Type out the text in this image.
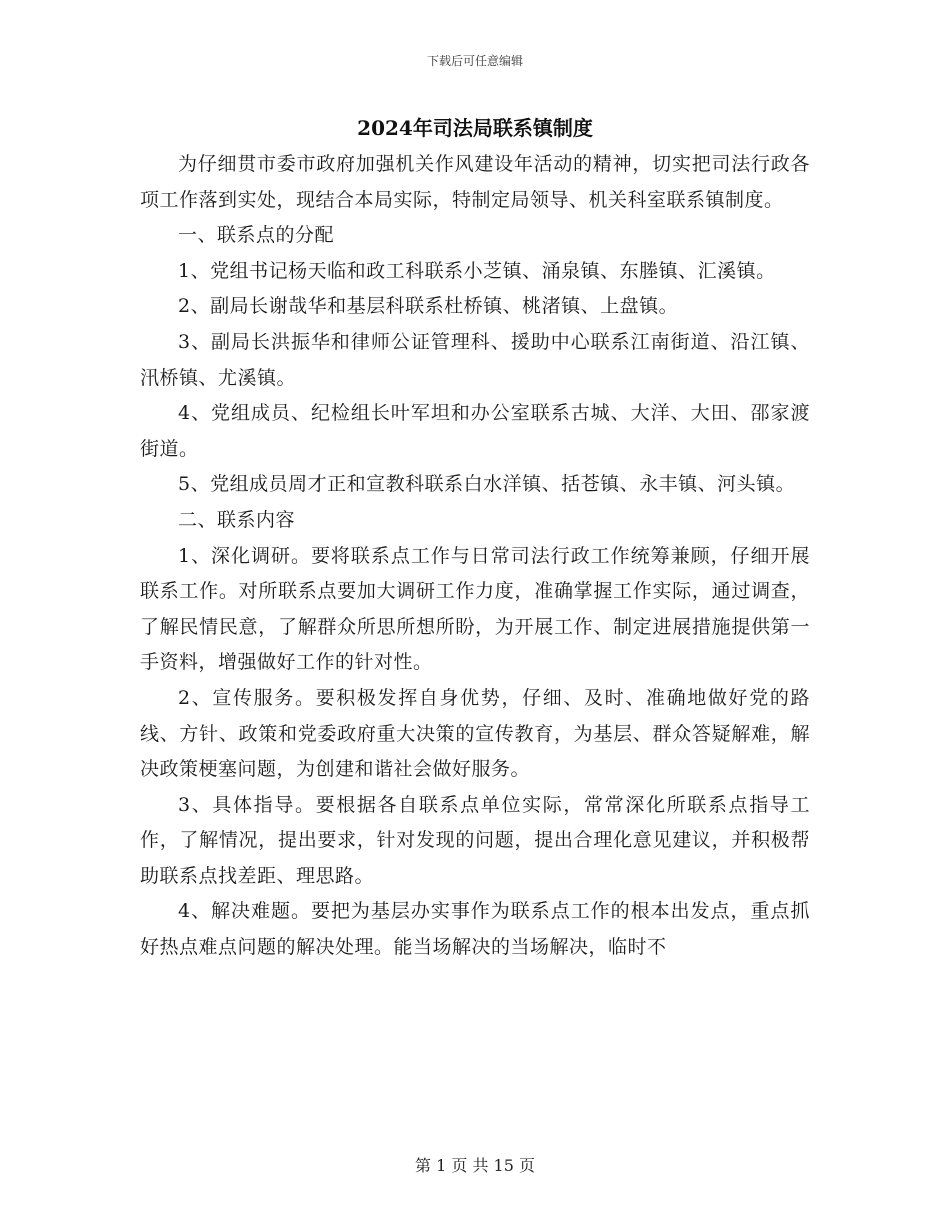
下载后可任意编辑
2024年司法局联系镇制度

为仔细贯市委市政府加强机关作风建设年活动的精神，切实把司法行政各项工作落到实处，现结合本局实际，特制定局领导、机关科室联系镇制度。

一、联系点的分配

1、党组书记杨天临和政工科联系小芝镇、涌泉镇、东塍镇、汇溪镇。

2、副局长谢哉华和基层科联系杜桥镇、桃渚镇、上盘镇。

3、副局长洪振华和律师公证管理科、援助中心联系江南街道、沿江镇、汛桥镇、尤溪镇。

4、党组成员、纪检组长叶军坦和办公室联系古城、大洋、大田、邵家渡街道。

5、党组成员周才正和宣教科联系白水洋镇、括苍镇、永丰镇、河头镇。

二、联系内容

1、深化调研。要将联系点工作与日常司法行政工作统筹兼顾，仔细开展联系工作。对所联系点要加大调研工作力度，准确掌握工作实际，通过调查，了解民情民意，了解群众所思所想所盼，为开展工作、制定进展措施提供第一手资料，增强做好工作的针对性。

2、宣传服务。要积极发挥自身优势，仔细、及时、准确地做好党的路线、方针、政策和党委政府重大决策的宣传教育，为基层、群众答疑解难，解决政策梗塞问题，为创建和谐社会做好服务。

3、具体指导。要根据各自联系点单位实际，常常深化所联系点指导工作，了解情况，提出要求，针对发现的问题，提出合理化意见建议，并积极帮助联系点找差距、理思路。

4、解决难题。要把为基层办实事作为联系点工作的根本出发点，重点抓好热点难点问题的解决处理。能当场解决的当场解决，临时不

第 1 页 共 15 页
